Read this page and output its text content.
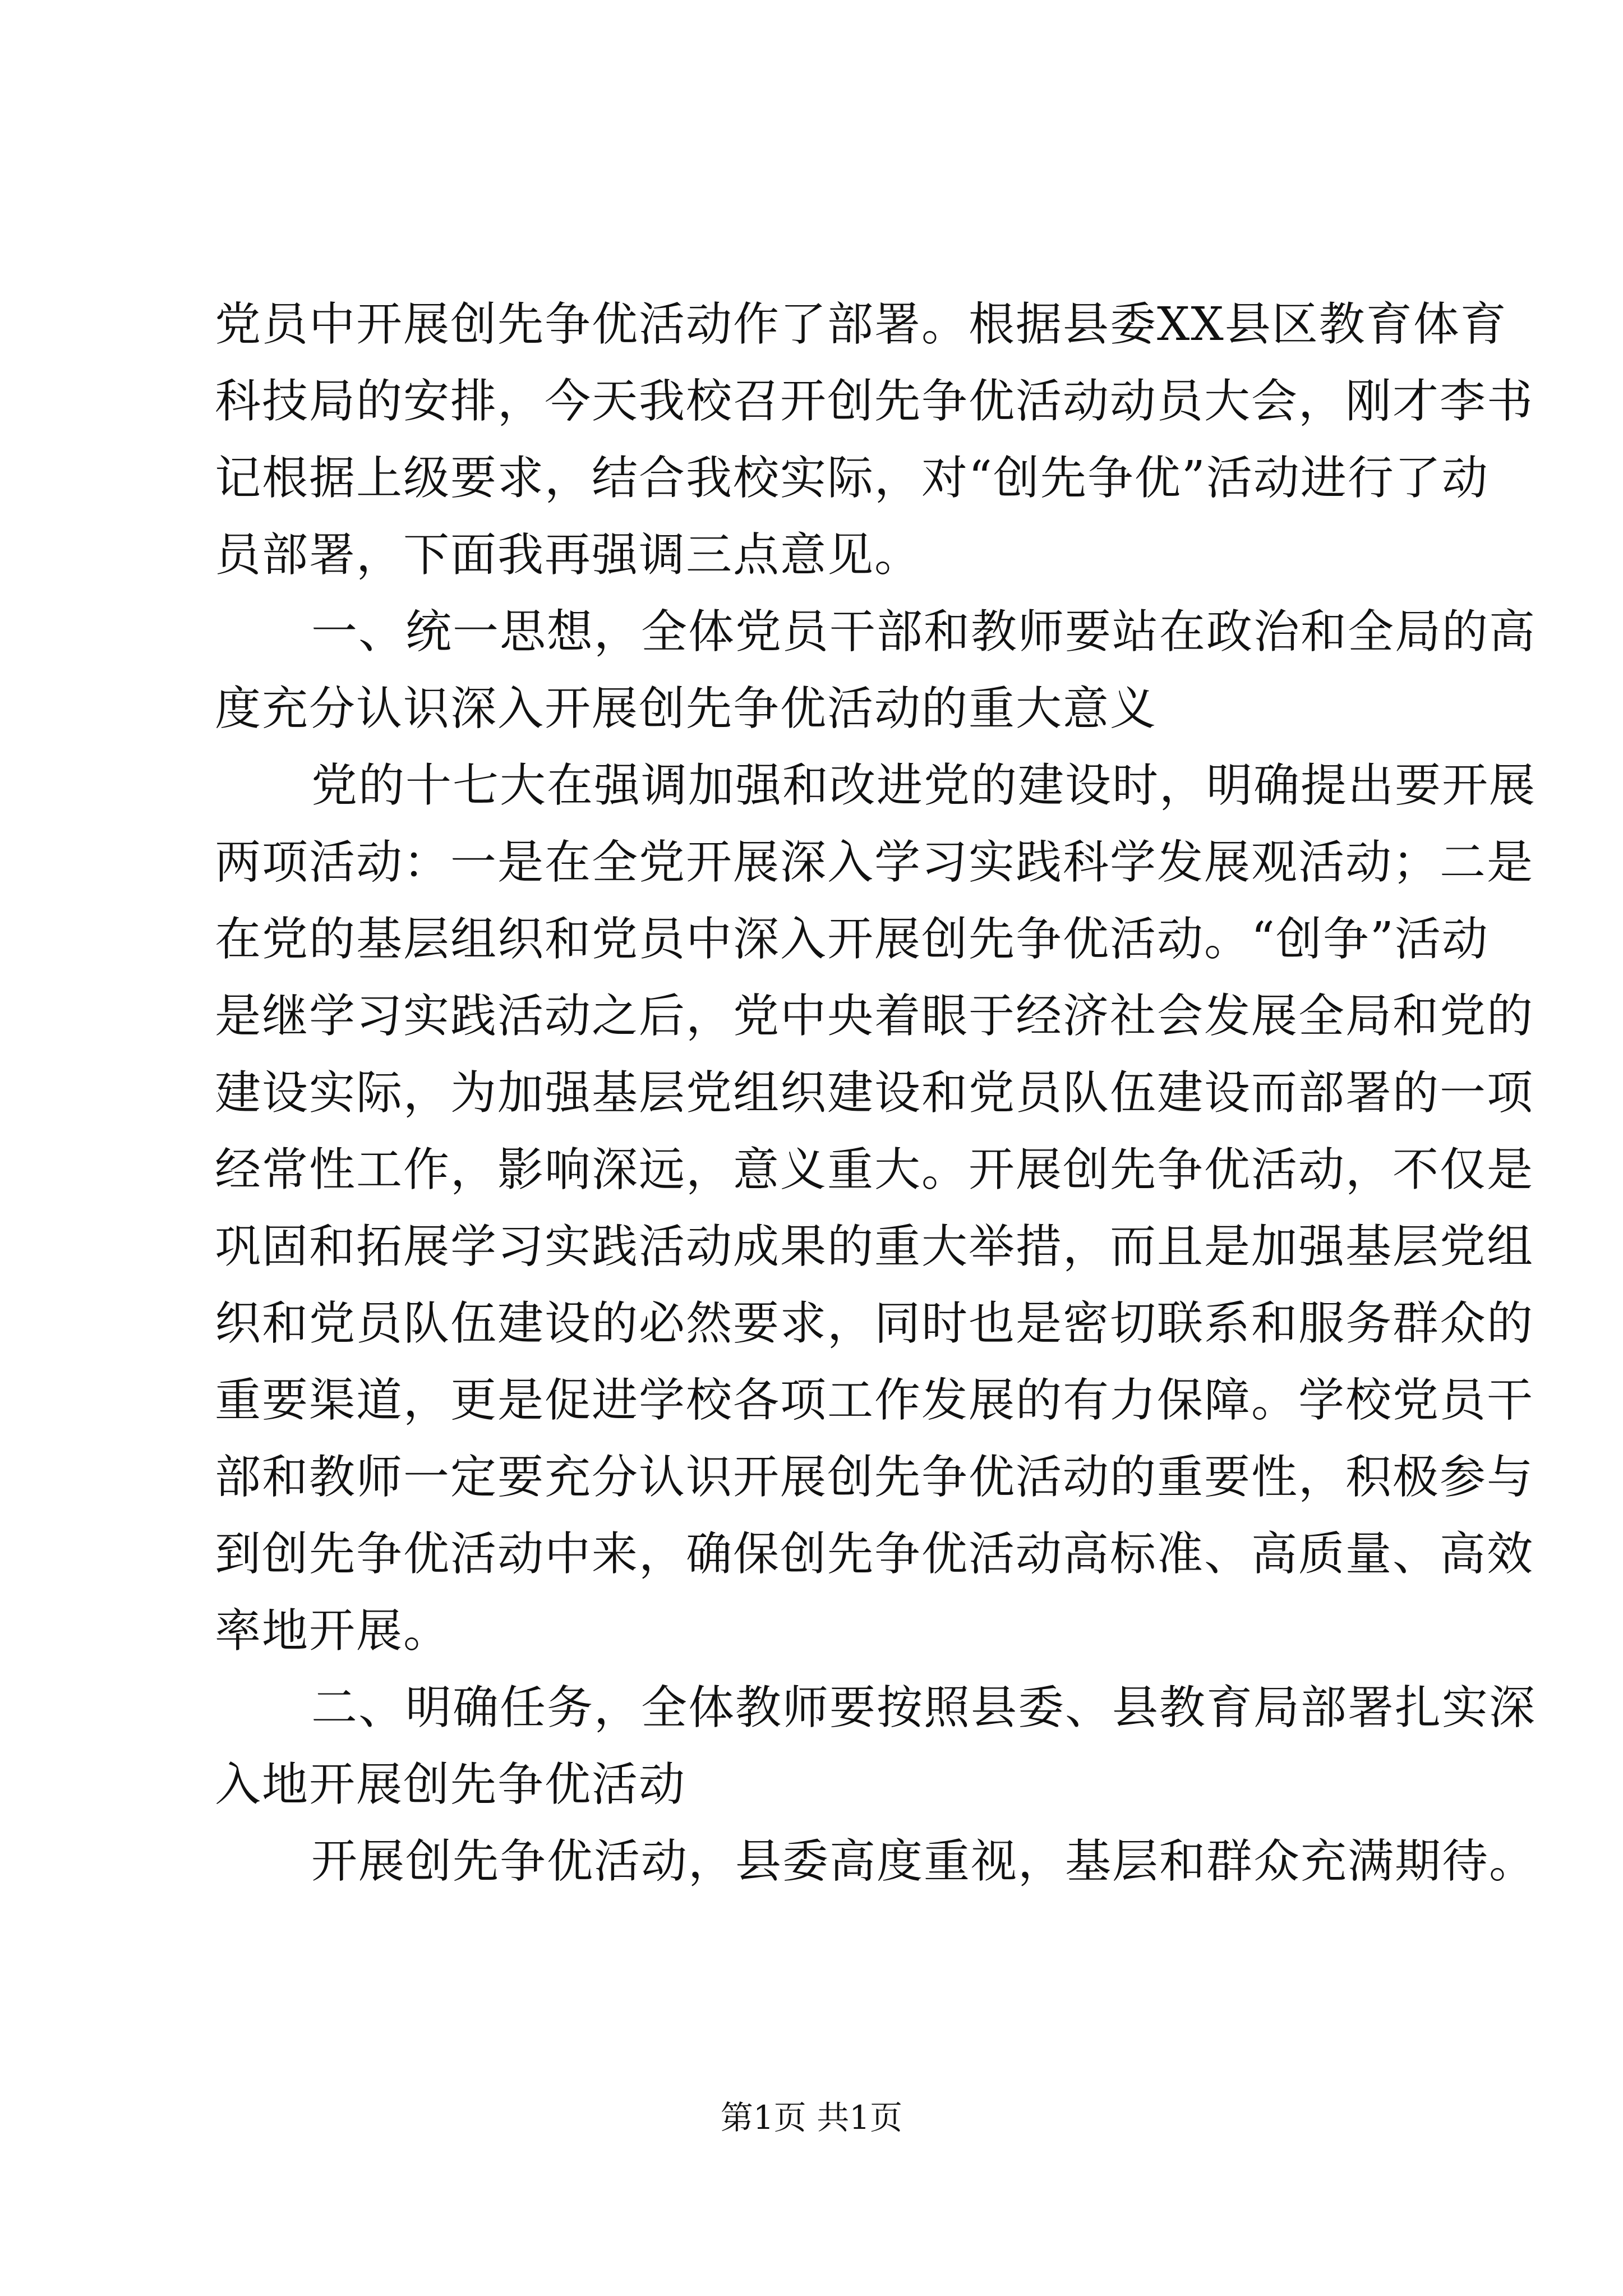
党员中开展创先争优活动作了部署。根据县委XX县区教育体育
科技局的安排，今天我校召开创先争优活动动员大会，刚才李书
记根据上级要求，结合我校实际，对“创先争优”活动进行了动
员部署，下面我再强调三点意见。
一、统一思想，全体党员干部和教师要站在政治和全局的高
度充分认识深入开展创先争优活动的重大意义
党的十七大在强调加强和改进党的建设时，明确提出要开展
两项活动：一是在全党开展深入学习实践科学发展观活动；二是
在党的基层组织和党员中深入开展创先争优活动。“创争”活动
是继学习实践活动之后，党中央着眼于经济社会发展全局和党的
建设实际，为加强基层党组织建设和党员队伍建设而部署的一项
经常性工作，影响深远，意义重大。开展创先争优活动，不仅是
巩固和拓展学习实践活动成果的重大举措，而且是加强基层党组
织和党员队伍建设的必然要求，同时也是密切联系和服务群众的
重要渠道，更是促进学校各项工作发展的有力保障。学校党员干
部和教师一定要充分认识开展创先争优活动的重要性，积极参与
到创先争优活动中来，确保创先争优活动高标准、高质量、高效
率地开展。
二、明确任务，全体教师要按照县委、县教育局部署扎实深
入地开展创先争优活动
开展创先争优活动，县委高度重视，基层和群众充满期待。
第1页 共1页
